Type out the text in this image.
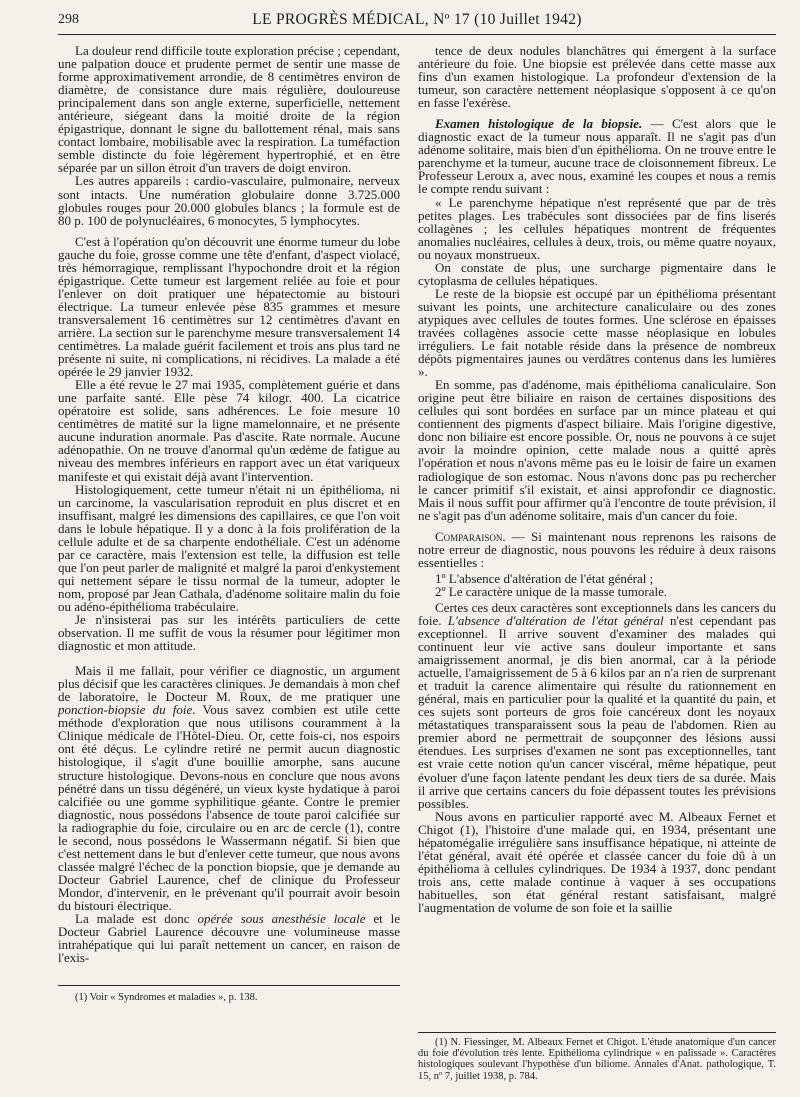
298	LE PROGRÈS MÉDICAL, Nº 17 (10 Juillet 1942)

La douleur rend difficile toute exploration précise ; cependant, une palpation douce et prudente permet de sentir une masse de forme approximativement arrondie, de 8 centimètres environ de diamètre, de consistance dure mais régulière, douloureuse principalement dans son angle externe, superficielle, nettement antérieure, siégeant dans la moitié droite de la région épigastrique, donnant le signe du ballottement rénal, mais sans contact lombaire, mobilisable avec la respiration. La tuméfaction semble distincte du foie légèrement hypertrophié, et en être séparée par un sillon étroit d'un travers de doigt environ.

Les autres appareils : cardio-vasculaire, pulmonaire, nerveux sont intacts. Une numération globulaire donne 3.725.000 globules rouges pour 20.000 globules blancs ; la formule est de 80 p. 100 de polynucléaires, 6 monocytes, 5 lymphocytes.

C'est à l'opération qu'on découvrit une énorme tumeur du lobe gauche du foie, grosse comme une tête d'enfant, d'aspect violacé, très hémorragique, remplissant l'hypochondre droit et la région épigastrique. Cette tumeur est largement reliée au foie et pour l'enlever on doit pratiquer une hépatectomie au bistouri électrique. La tumeur enlevée pèse 835 grammes et mesure transversalement 16 centimètres sur 12 centimètres d'avant en arrière. La section sur le parenchyme mesure transversalement 14 centimètres. La malade guérit facilement et trois ans plus tard ne présente ni suite, ni complications, ni récidives. La malade a été opérée le 29 janvier 1932.

Elle a été revue le 27 mai 1935, complètement guérie et dans une parfaite santé. Elle pèse 74 kilogr. 400. La cicatrice opératoire est solide, sans adhérences. Le foie mesure 10 centimètres de matité sur la ligne mamelonnaire, et ne présente aucune induration anormale. Pas d'ascite. Rate normale. Aucune adénopathie. On ne trouve d'anormal qu'un œdème de fatigue au niveau des membres inférieurs en rapport avec un état variqueux manifeste et qui existait déjà avant l'intervention.

Histologiquement, cette tumeur n'était ni un épithélioma, ni un carcinome, la vascularisation reproduit en plus discret et en insuffisant, malgré les dimensions des capillaires, ce que l'on voit dans le lobule hépatique. Il y a donc à la fois prolifération de la cellule adulte et de sa charpente endothéliale. C'est un adénome par ce caractère, mais l'extension est telle, la diffusion est telle que l'on peut parler de malignité et malgré la paroi d'enkystement qui nettement sépare le tissu normal de la tumeur, adopter le nom, proposé par Jean Cathala, d'adénome solitaire malin du foie ou adéno-épithélioma trabéculaire.

Je n'insisterai pas sur les intérêts particuliers de cette observation. Il me suffit de vous la résumer pour légitimer mon diagnostic et mon attitude.

Mais il me fallait, pour vérifier ce diagnostic, un argument plus décisif que les caractères cliniques. Je demandais à mon chef de laboratoire, le Docteur M. Roux, de me pratiquer une ponction-biopsie du foie. Vous savez combien est utile cette méthode d'exploration que nous utilisons couramment à la Clinique médicale de l'Hôtel-Dieu. Or, cette fois-ci, nos espoirs ont été déçus. Le cylindre retiré ne permit aucun diagnostic histologique, il s'agit d'une bouillie amorphe, sans aucune structure histologique. Devons-nous en conclure que nous avons pénétré dans un tissu dégénéré, un vieux kyste hydatique à paroi calcifiée ou une gomme syphilitique géante. Contre le premier diagnostic, nous possédons l'absence de toute paroi calcifiée sur la radiographie du foie, circulaire ou en arc de cercle (1), contre le second, nous possédons le Wassermann négatif. Si bien que c'est nettement dans le but d'enlever cette tumeur, que nous avons classée malgré l'échec de la ponction biopsie, que je demande au Docteur Gabriel Laurence, chef de clinique du Professeur Mondor, d'intervenir, en le prévenant qu'il pourrait avoir besoin du bistouri électrique.

La malade est donc opérée sous anesthésie locale et le Docteur Gabriel Laurence découvre une volumineuse masse intrahépatique qui lui paraît nettement un cancer, en raison de l'exis-

tence de deux nodules blanchâtres qui émergent à la surface antérieure du foie. Une biopsie est prélevée dans cette masse aux fins d'un examen histologique. La profondeur d'extension de la tumeur, son caractère nettement néoplasique s'opposent à ce qu'on en fasse l'exérèse.

Examen histologique de la biopsie. — C'est alors que le diagnostic exact de la tumeur nous apparaît. Il ne s'agit pas d'un adénome solitaire, mais bien d'un épithélioma. On ne trouve entre le parenchyme et la tumeur, aucune trace de cloisonnement fibreux. Le Professeur Leroux a, avec nous, examiné les coupes et nous a remis le compte rendu suivant :

« Le parenchyme hépatique n'est représenté que par de très petites plages. Les trabécules sont dissociées par de fins liserés collagènes ; les cellules hépatiques montrent de fréquentes anomalies nucléaires, cellules à deux, trois, ou même quatre noyaux, ou noyaux monstrueux.

On constate de plus, une surcharge pigmentaire dans le cytoplasma de cellules hépatiques.

Le reste de la biopsie est occupé par un épithélioma présentant suivant les points, une architecture canaliculaire ou des zones atypiques avec cellules de toutes formes. Une sclérose en épaisses travées collagènes associe cette masse néoplasique en lobules irréguliers. Le fait notable réside dans la présence de nombreux dépôts pigmentaires jaunes ou verdâtres contenus dans les lumières ».

En somme, pas d'adénome, mais épithélioma canaliculaire. Son origine peut être biliaire en raison de certaines dispositions des cellules qui sont bordées en surface par un mince plateau et qui contiennent des pigments d'aspect biliaire. Mais l'origine digestive, donc non biliaire est encore possible. Or, nous ne pouvons à ce sujet avoir la moindre opinion, cette malade nous a quitté après l'opération et nous n'avons même pas eu le loisir de faire un examen radiologique de son estomac. Nous n'avons donc pas pu rechercher le cancer primitif s'il existait, et ainsi approfondir ce diagnostic. Mais il nous suffit pour affirmer qu'à l'encontre de toute prévision, il ne s'agit pas d'un adénome solitaire, mais d'un cancer du foie.

Comparaison. — Si maintenant nous reprenons les raisons de notre erreur de diagnostic, nous pouvons les réduire à deux raisons essentielles :

1º L'absence d'altération de l'état général ;
2º Le caractère unique de la masse tumorale.

Certes ces deux caractères sont exceptionnels dans les cancers du foie. L'absence d'altération de l'état général n'est cependant pas exceptionnel. Il arrive souvent d'examiner des malades qui continuent leur vie active sans douleur importante et sans amaigrissement anormal, je dis bien anormal, car à la période actuelle, l'amaigrissement de 5 à 6 kilos par an n'a rien de surprenant et traduit la carence alimentaire qui résulte du rationnement en général, mais en particulier pour la qualité et la quantité du pain, et ces sujets sont porteurs de gros foie cancéreux dont les noyaux métastatiques transparaissent sous la peau de l'abdomen. Rien au premier abord ne permettrait de soupçonner des lésions aussi étendues. Les surprises d'examen ne sont pas exceptionnelles, tant est vraie cette notion qu'un cancer viscéral, même hépatique, peut évoluer d'une façon latente pendant les deux tiers de sa durée. Mais il arrive que certains cancers du foie dépassent toutes les prévisions possibles.

Nous avons en particulier rapporté avec M. Albeaux Fernet et Chigot (1), l'histoire d'une malade qui, en 1934, présentant une hépatomégalie irrégulière sans insuffisance hépatique, ni atteinte de l'état général, avait été opérée et classée cancer du foie dû à un épithélioma à cellules cylindriques. De 1934 à 1937, donc pendant trois ans, cette malade continue à vaquer à ses occupations habituelles, son état général restant satisfaisant, malgré l'augmentation de volume de son foie et la saillie

(1) Voir « Syndromes et maladies », p. 138.
(1) N. Fiessinger, M. Albeaux Fernet et Chigot. L'étude anatomique d'un cancer du foie d'évolution très lente. Epithélioma cylindrique « en palissade ». Caractères histologiques soulevant l'hypothèse d'un biliome. Annales d'Anat. pathologique, T. 15, nº 7, juillet 1938, p. 784.
